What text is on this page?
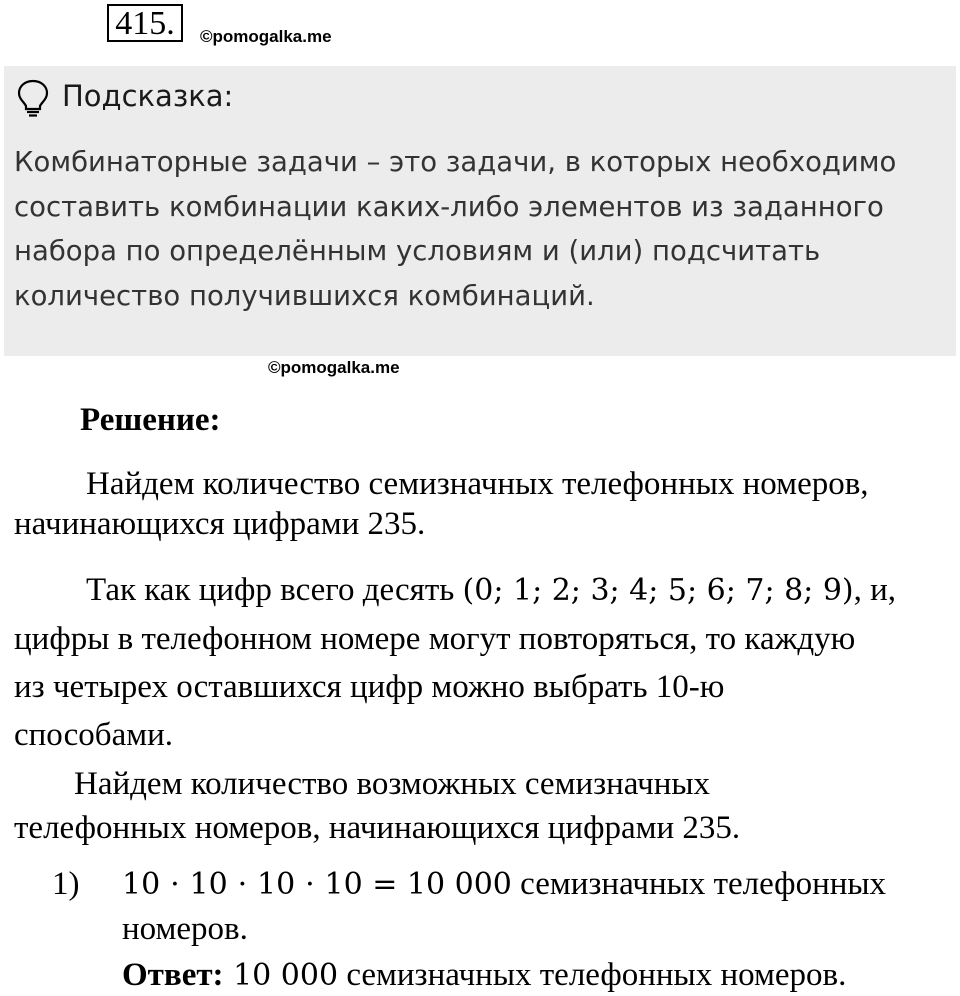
415.	©pomogalka.me
Подсказка:
Комбинаторные задачи – это задачи, в которых необходимо
составить комбинации каких-либо элементов из заданного
набора по определённым условиям и (или) подсчитать
количество получившихся комбинаций.
©pomogalka.me
Решение:
Найдем количество семизначных телефонных номеров,
начинающихся цифрами 235.
Так как цифр всего десять (0; 1; 2; 3; 4; 5; 6; 7; 8; 9), и,
цифры в телефонном номере могут повторяться, то каждую
из четырех оставшихся цифр можно выбрать 10-ю
способами.
Найдем количество возможных семизначных
телефонных номеров, начинающихся цифрами 235.
1) 10 ⋅ 10 ⋅ 10 ⋅ 10 = 10 000 семизначных телефонных
номеров.
Ответ: 10 000 семизначных телефонных номеров.
